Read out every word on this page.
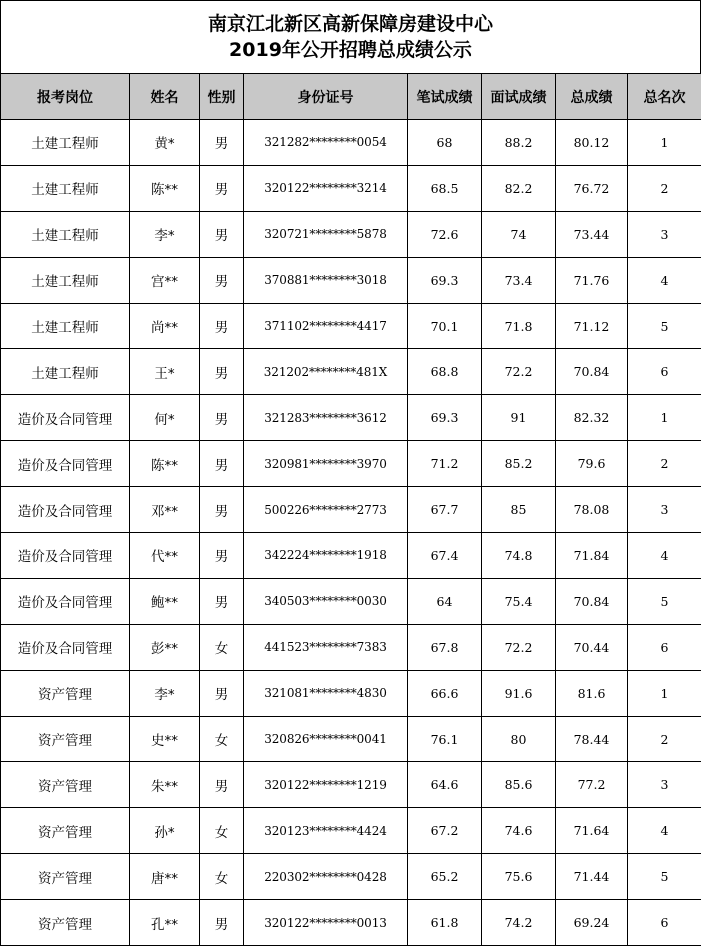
南京江北新区高新保障房建设中心
2019年公开招聘总成绩公示
报考岗位	姓名	性别	身份证号	笔试成绩	面试成绩	总成绩	总名次
土建工程师	黄*	男	321282********0054	68	88.2	80.12	1
土建工程师	陈**	男	320122********3214	68.5	82.2	76.72	2
土建工程师	李*	男	320721********5878	72.6	74	73.44	3
土建工程师	宫**	男	370881********3018	69.3	73.4	71.76	4
土建工程师	尚**	男	371102********4417	70.1	71.8	71.12	5
土建工程师	王*	男	321202********481X	68.8	72.2	70.84	6
造价及合同管理	何*	男	321283********3612	69.3	91	82.32	1
造价及合同管理	陈**	男	320981********3970	71.2	85.2	79.6	2
造价及合同管理	邓**	男	500226********2773	67.7	85	78.08	3
造价及合同管理	代**	男	342224********1918	67.4	74.8	71.84	4
造价及合同管理	鲍**	男	340503********0030	64	75.4	70.84	5
造价及合同管理	彭**	女	441523********7383	67.8	72.2	70.44	6
资产管理	李*	男	321081********4830	66.6	91.6	81.6	1
资产管理	史**	女	320826********0041	76.1	80	78.44	2
资产管理	朱**	男	320122********1219	64.6	85.6	77.2	3
资产管理	孙*	女	320123********4424	67.2	74.6	71.64	4
资产管理	唐**	女	220302********0428	65.2	75.6	71.44	5
资产管理	孔**	男	320122********0013	61.8	74.2	69.24	6
